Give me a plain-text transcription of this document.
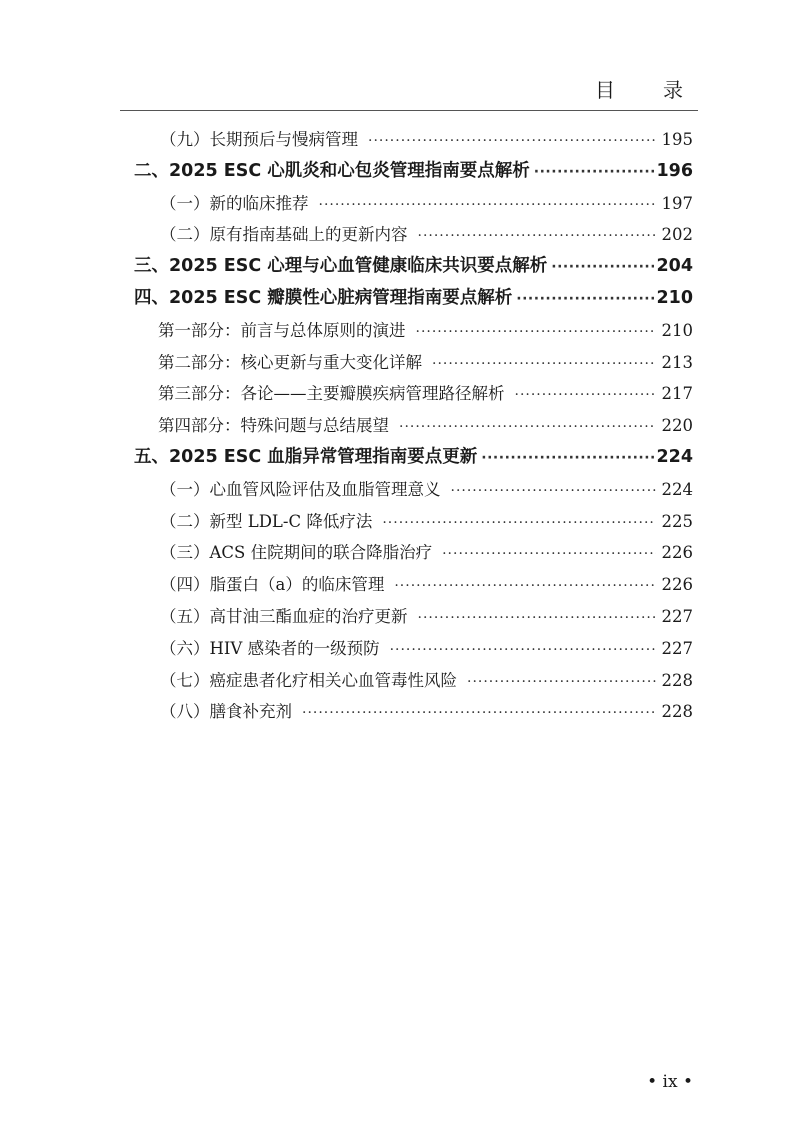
目　录
（九）长期预后与慢病管理 ·····	195
二、2025 ESC 心肌炎和心包炎管理指南要点解析 ·····	196
（一）新的临床推荐 ·····	197
（二）原有指南基础上的更新内容 ·····	202
三、2025 ESC 心理与心血管健康临床共识要点解析 ·····	204
四、2025 ESC 瓣膜性心脏病管理指南要点解析 ·····	210
第一部分：前言与总体原则的演进 ·····	210
第二部分：核心更新与重大变化详解 ·····	213
第三部分：各论——主要瓣膜疾病管理路径解析 ·····	217
第四部分：特殊问题与总结展望 ·····	220
五、2025 ESC 血脂异常管理指南要点更新 ·····	224
（一）心血管风险评估及血脂管理意义 ·····	224
（二）新型 LDL-C 降低疗法 ·····	225
（三）ACS 住院期间的联合降脂治疗 ·····	226
（四）脂蛋白（a）的临床管理 ·····	226
（五）高甘油三酯血症的治疗更新 ·····	227
（六）HIV 感染者的一级预防 ·····	227
（七）癌症患者化疗相关心血管毒性风险 ·····	228
（八）膳食补充剂 ·····	228
• ix •
